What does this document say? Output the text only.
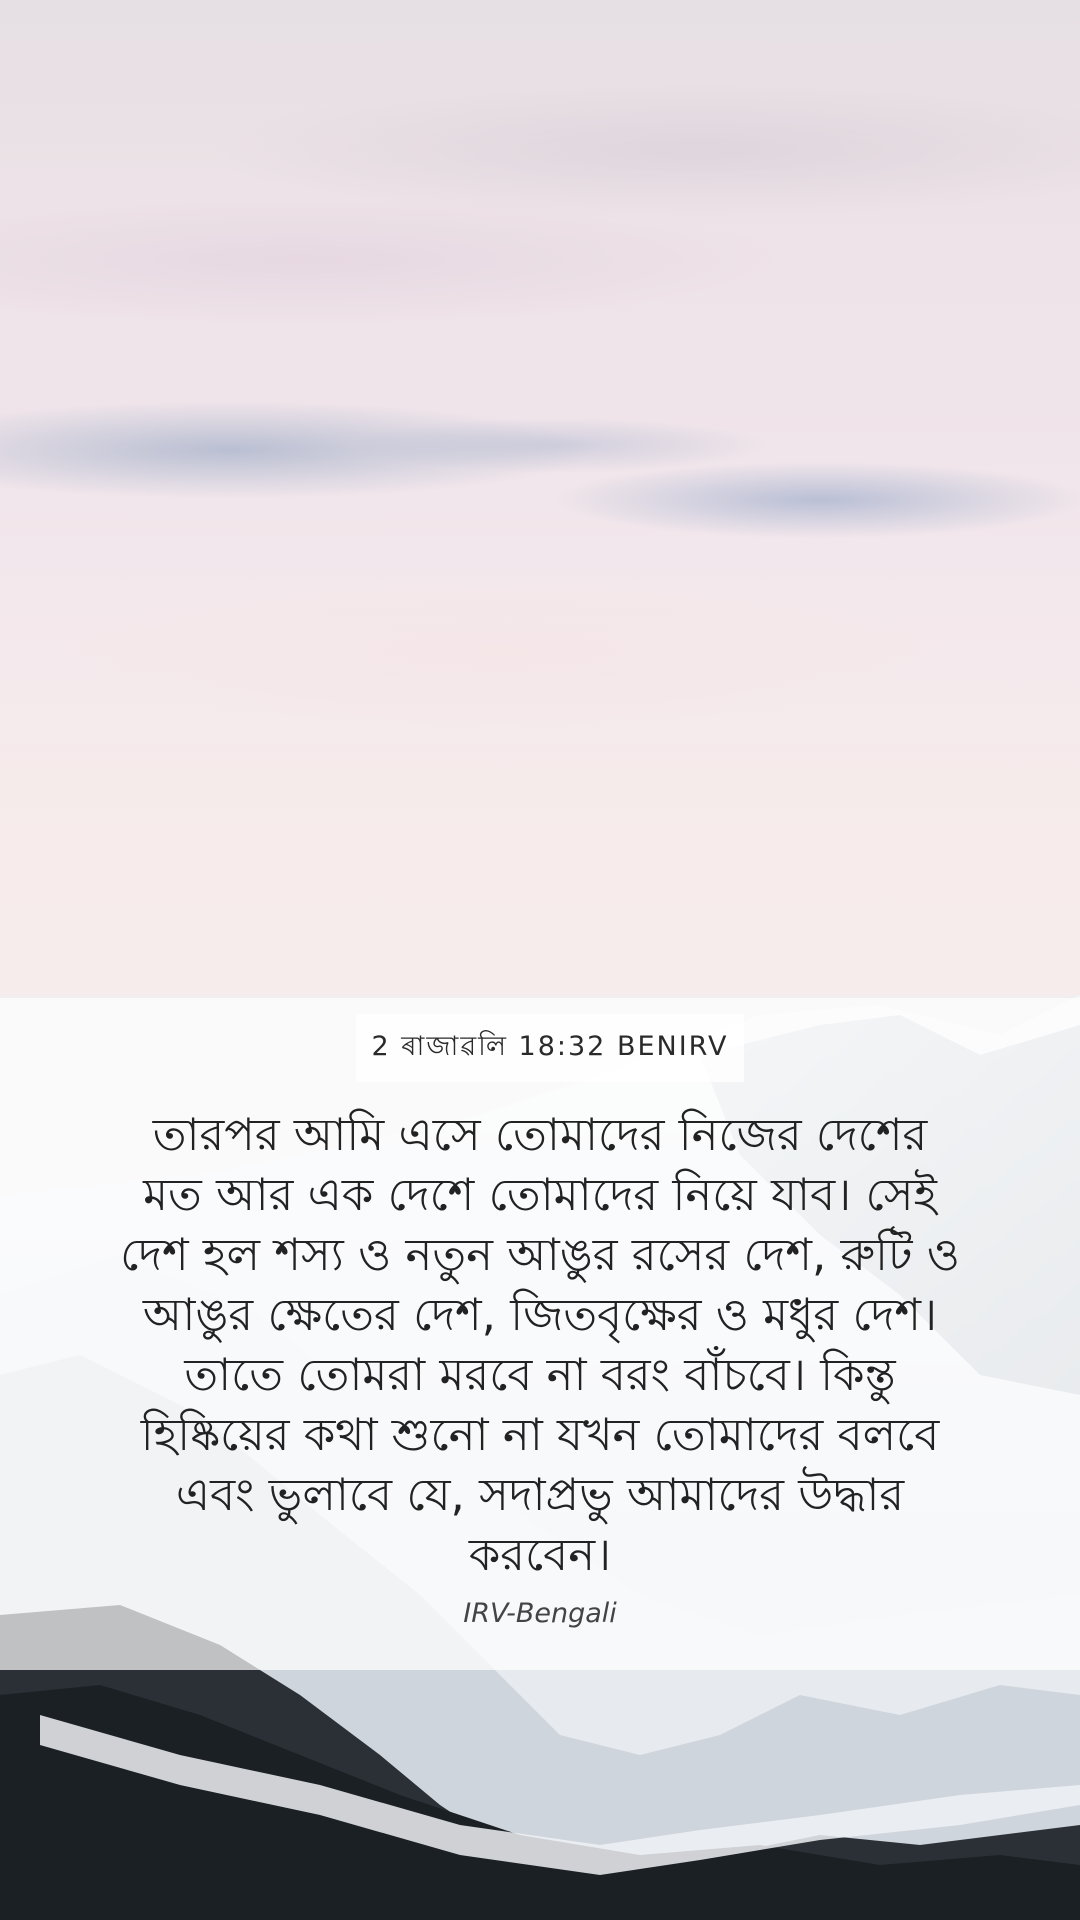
2 ৰাজাৱলি 18:32 BENIRV
তারপর আমি এসে তোমাদের নিজের দেশের
মত আর এক দেশে তোমাদের নিয়ে যাব। সেই
দেশ হল শস্য ও নতুন আঙুর রসের দেশ, রুটি ও
আঙুর ক্ষেতের দেশ, জিতবৃক্ষের ও মধুর দেশ।
তাতে তোমরা মরবে না বরং বাঁচবে। কিন্তু
হিষ্কিয়ের কথা শুনো না যখন তোমাদের বলবে
এবং ভুলাবে যে, সদাপ্রভু আমাদের উদ্ধার
করবেন।
IRV-Bengali
